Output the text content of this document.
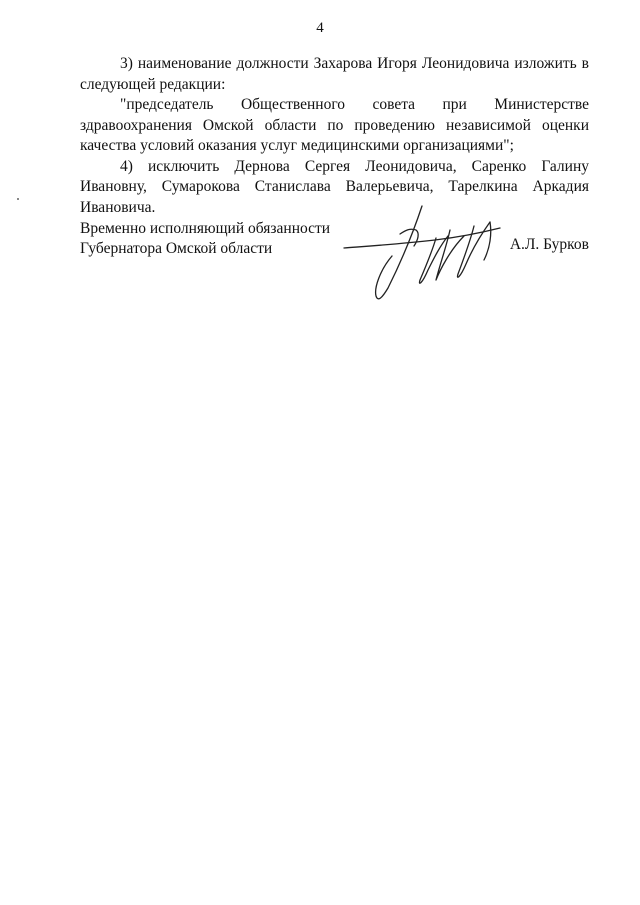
4

3) наименование должности Захарова Игоря Леонидовича изложить в следующей редакции:

"председатель Общественного совета при Министерстве здравоохранения Омской области по проведению независимой оценки качества условий оказания услуг медицинскими организациями";

4) исключить Дернова Сергея Леонидовича, Саренко Галину Ивановну, Сумарокова Станислава Валерьевича, Тарелкина Аркадия Ивановича.

Временно исполняющий обязанности
Губернатора Омской области	А.Л. Бурков
